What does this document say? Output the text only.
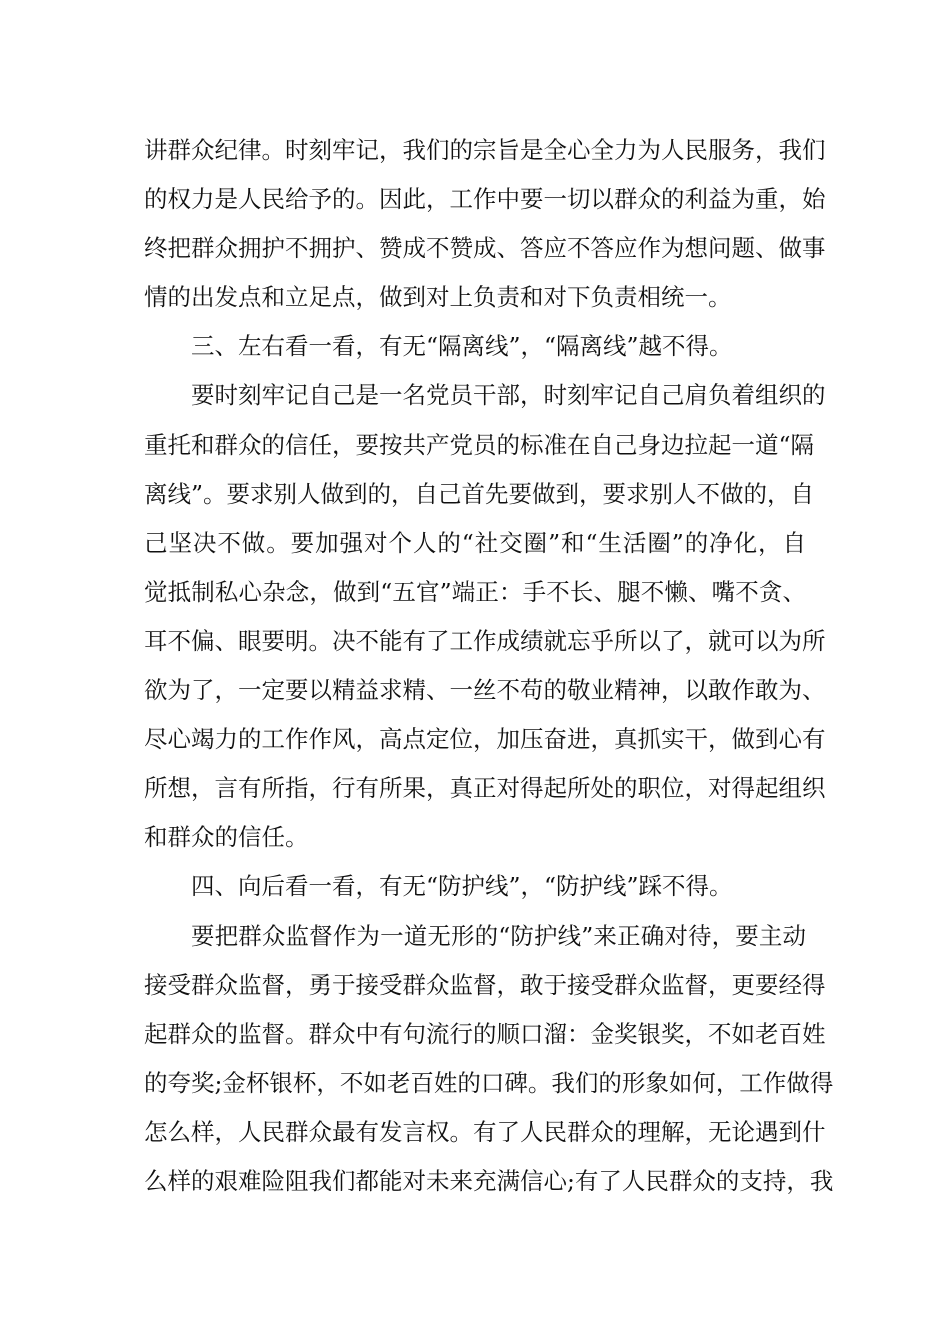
讲群众纪律。时刻牢记，我们的宗旨是全心全力为人民服务，我们
的权力是人民给予的。因此，工作中要一切以群众的利益为重，始
终把群众拥护不拥护、赞成不赞成、答应不答应作为想问题、做事
情的出发点和立足点，做到对上负责和对下负责相统一。
三、左右看一看，有无“隔离线”，“隔离线”越不得。
要时刻牢记自己是一名党员干部，时刻牢记自己肩负着组织的
重托和群众的信任，要按共产党员的标准在自己身边拉起一道“隔
离线”。要求别人做到的，自己首先要做到，要求别人不做的，自
己坚决不做。要加强对个人的“社交圈”和“生活圈”的净化，自
觉抵制私心杂念，做到“五官”端正：手不长、腿不懒、嘴不贪、
耳不偏、眼要明。决不能有了工作成绩就忘乎所以了，就可以为所
欲为了，一定要以精益求精、一丝不苟的敬业精神，以敢作敢为、
尽心竭力的工作作风，高点定位，加压奋进，真抓实干，做到心有
所想，言有所指，行有所果，真正对得起所处的职位，对得起组织
和群众的信任。
四、向后看一看，有无“防护线”，“防护线”踩不得。
要把群众监督作为一道无形的“防护线”来正确对待，要主动
接受群众监督，勇于接受群众监督，敢于接受群众监督，更要经得
起群众的监督。群众中有句流行的顺口溜：金奖银奖，不如老百姓
的夸奖;金杯银杯，不如老百姓的口碑。我们的形象如何，工作做得
怎么样，人民群众最有发言权。有了人民群众的理解，无论遇到什
么样的艰难险阻我们都能对未来充满信心;有了人民群众的支持，我
